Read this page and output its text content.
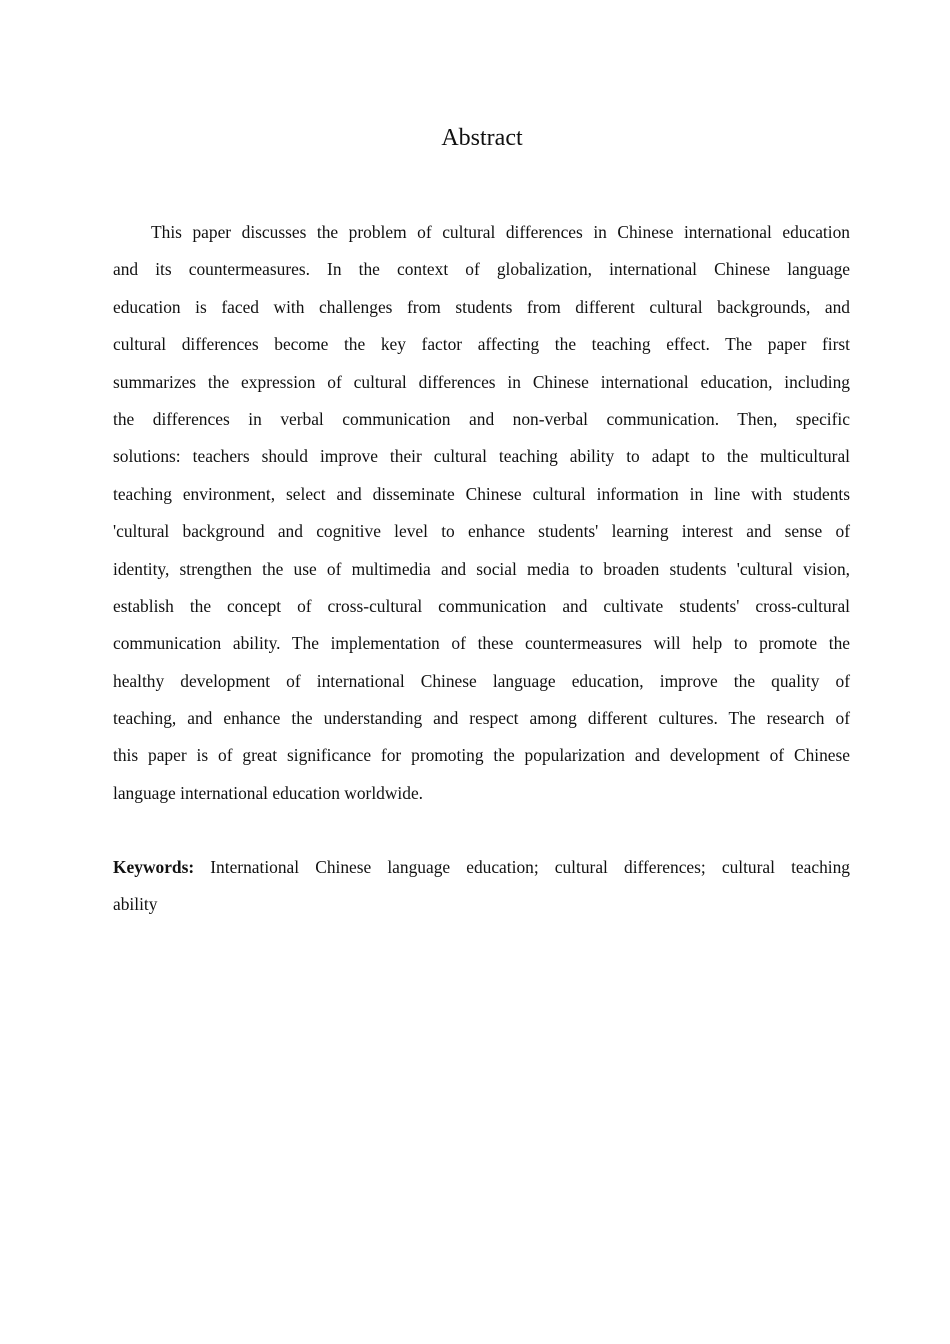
Abstract
This paper discusses the problem of cultural differences in Chinese international education
and its countermeasures. In the context of globalization, international Chinese language
education is faced with challenges from students from different cultural backgrounds, and
cultural differences become the key factor affecting the teaching effect. The paper first
summarizes the expression of cultural differences in Chinese international education, including
the differences in verbal communication and non-verbal communication. Then, specific
solutions: teachers should improve their cultural teaching ability to adapt to the multicultural
teaching environment, select and disseminate Chinese cultural information in line with students
'cultural background and cognitive level to enhance students' learning interest and sense of
identity, strengthen the use of multimedia and social media to broaden students 'cultural vision,
establish the concept of cross-cultural communication and cultivate students' cross-cultural
communication ability. The implementation of these countermeasures will help to promote the
healthy development of international Chinese language education, improve the quality of
teaching, and enhance the understanding and respect among different cultures. The research of
this paper is of great significance for promoting the popularization and development of Chinese
language international education worldwide.
Keywords: International Chinese language education; cultural differences; cultural teaching
ability
